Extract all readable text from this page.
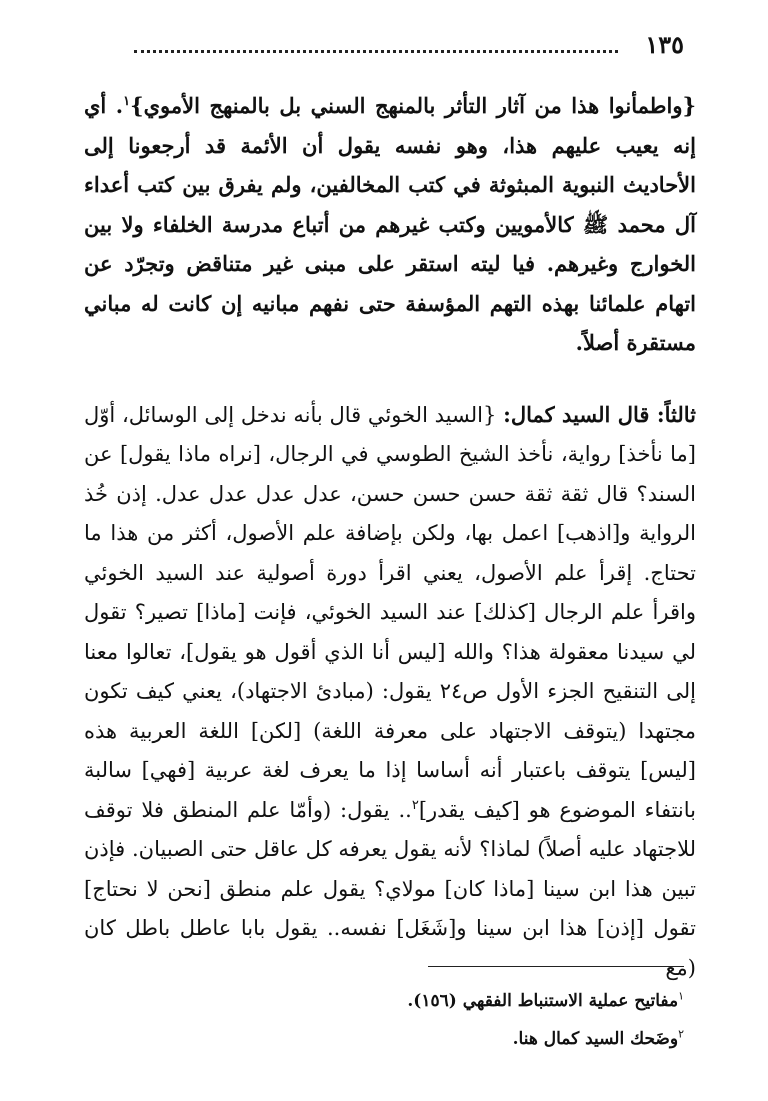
١٣٥

{واطمأنوا هذا من آثار التأثر بالمنهج السني بل بالمنهج الأموي}$^١$. أي إنه يعيب عليهم هذا، وهو نفسه يقول أن الأئمة قد أرجعونا إلى الأحاديث النبوية المبثوثة في كتب المخالفين، ولم يفرق بين كتب أعداء آل محمد ﷺ كالأمويين وكتب غيرهم من أتباع مدرسة الخلفاء ولا بين الخوارج وغيرهم. فيا ليته استقر على مبنى غير متناقض وتجرّد عن اتهام علمائنا بهذه التهم المؤسفة حتى نفهم مبانيه إن كانت له مباني مستقرة أصلاً.

ثالثاً: قال السيد كمال: {السيد الخوئي قال بأنه ندخل إلى الوسائل، أوّل [ما نأخذ] رواية، نأخذ الشيخ الطوسي في الرجال، [نراه ماذا يقول] عن السند؟ قال ثقة ثقة حسن حسن حسن، عدل عدل عدل عدل. إذن خُذ الرواية و[اذهب] اعمل بها، ولكن بإضافة علم الأصول، أكثر من هذا ما تحتاج. إقرأ علم الأصول، يعني اقرأ دورة أصولية عند السيد الخوئي واقرأ علم الرجال [كذلك] عند السيد الخوئي، فإنت [ماذا] تصير؟ تقول لي سيدنا معقولة هذا؟ والله [ليس أنا الذي أقول هو يقول]، تعالوا معنا إلى التنقيح الجزء الأول ص٢٤ يقول: (مبادئ الاجتهاد)، يعني كيف تكون مجتهدا (يتوقف الاجتهاد على معرفة اللغة) [لكن] اللغة العربية هذه [ليس] يتوقف باعتبار أنه أساسا إذا ما يعرف لغة عربية [فهي] سالبة بانتفاء الموضوع هو [كيف يقدر]$^٢$.. يقول: (وأمّا علم المنطق فلا توقف للاجتهاد عليه أصلاً) لماذا؟ لأنه يقول يعرفه كل عاقل حتى الصبيان. فإذن تبين هذا ابن سينا [ماذا كان] مولاي؟ يقول علم منطق [نحن لا نحتاج] تقول [إذن] هذا ابن سينا و[شَغَل] نفسه.. يقول بابا عاطل باطل كان (مع

$^١$مفاتيح عملية الاستنباط الفقهي (١٥٦).

$^٢$وضَحك السيد كمال هنا.
